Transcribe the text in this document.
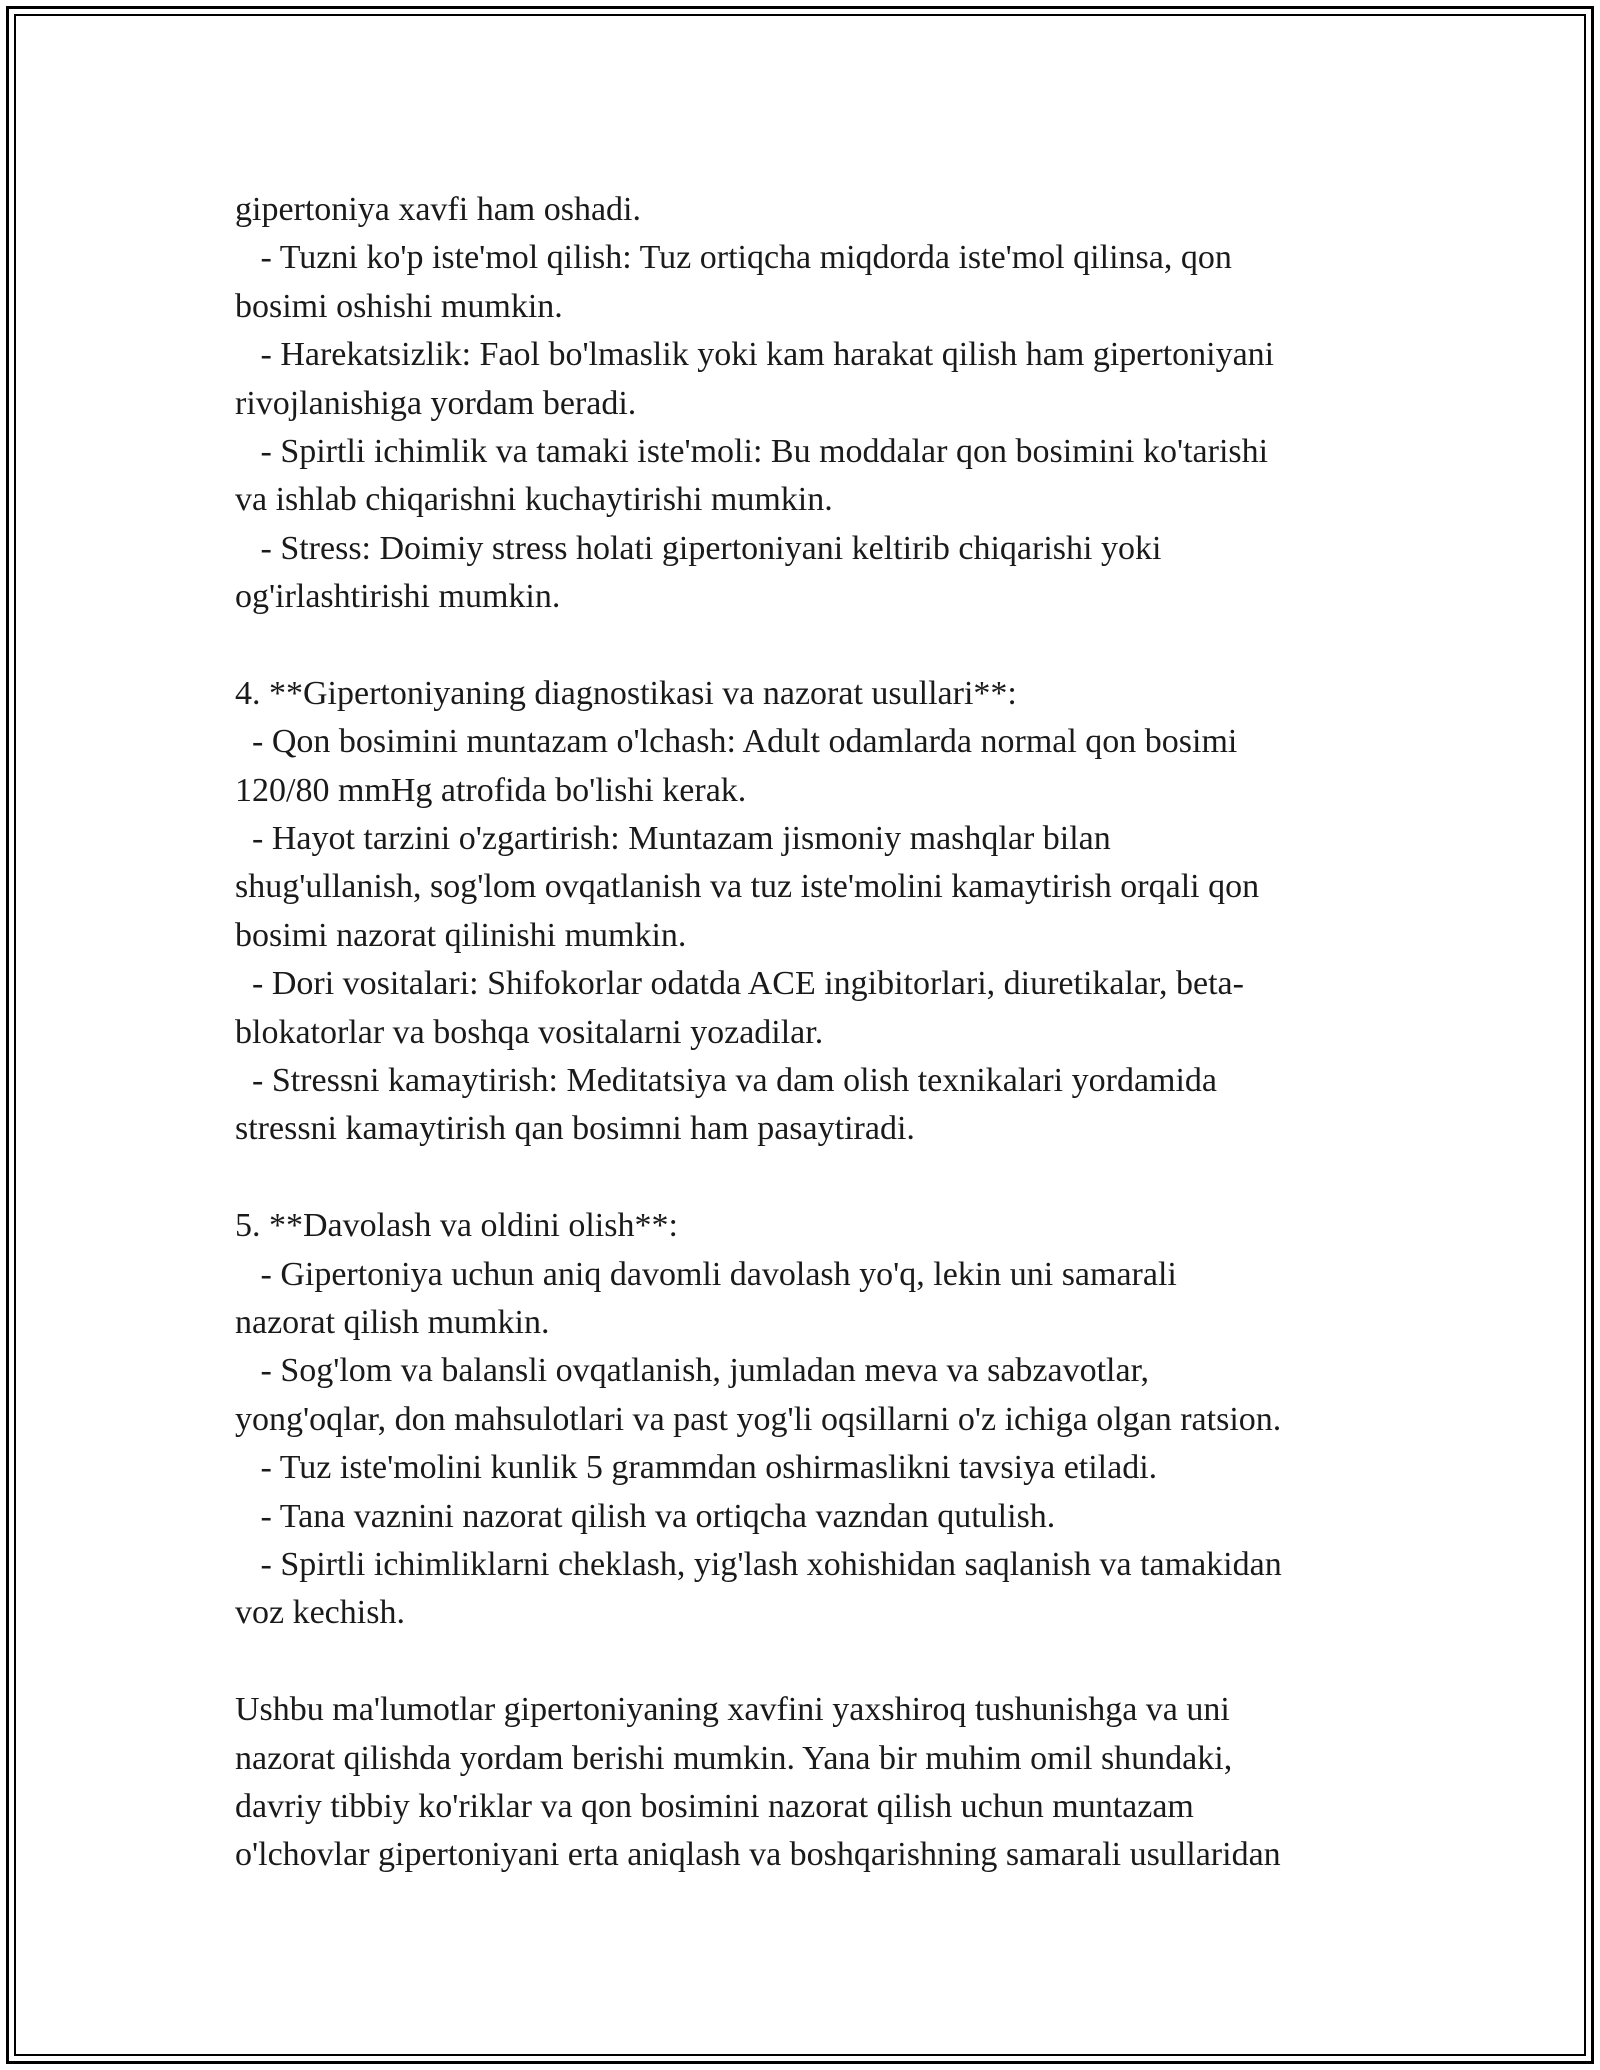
gipertoniya xavfi ham oshadi.
- Tuzni ko'p iste'mol qilish: Tuz ortiqcha miqdorda iste'mol qilinsa, qon
bosimi oshishi mumkin.
- Harekatsizlik: Faol bo'lmaslik yoki kam harakat qilish ham gipertoniyani
rivojlanishiga yordam beradi.
- Spirtli ichimlik va tamaki iste'moli: Bu moddalar qon bosimini ko'tarishi
va ishlab chiqarishni kuchaytirishi mumkin.
- Stress: Doimiy stress holati gipertoniyani keltirib chiqarishi yoki
og'irlashtirishi mumkin.
4. **Gipertoniyaning diagnostikasi va nazorat usullari**:
- Qon bosimini muntazam o'lchash: Adult odamlarda normal qon bosimi
120/80 mmHg atrofida bo'lishi kerak.
- Hayot tarzini o'zgartirish: Muntazam jismoniy mashqlar bilan
shug'ullanish, sog'lom ovqatlanish va tuz iste'molini kamaytirish orqali qon
bosimi nazorat qilinishi mumkin.
- Dori vositalari: Shifokorlar odatda ACE ingibitorlari, diuretikalar, beta-
blokatorlar va boshqa vositalarni yozadilar.
- Stressni kamaytirish: Meditatsiya va dam olish texnikalari yordamida
stressni kamaytirish qan bosimni ham pasaytiradi.
5. **Davolash va oldini olish**:
- Gipertoniya uchun aniq davomli davolash yo'q, lekin uni samarali
nazorat qilish mumkin.
- Sog'lom va balansli ovqatlanish, jumladan meva va sabzavotlar,
yong'oqlar, don mahsulotlari va past yog'li oqsillarni o'z ichiga olgan ratsion.
- Tuz iste'molini kunlik 5 grammdan oshirmaslikni tavsiya etiladi.
- Tana vaznini nazorat qilish va ortiqcha vazndan qutulish.
- Spirtli ichimliklarni cheklash, yig'lash xohishidan saqlanish va tamakidan
voz kechish.
Ushbu ma'lumotlar gipertoniyaning xavfini yaxshiroq tushunishga va uni
nazorat qilishda yordam berishi mumkin. Yana bir muhim omil shundaki,
davriy tibbiy ko'riklar va qon bosimini nazorat qilish uchun muntazam
o'lchovlar gipertoniyani erta aniqlash va boshqarishning samarali usullaridan
